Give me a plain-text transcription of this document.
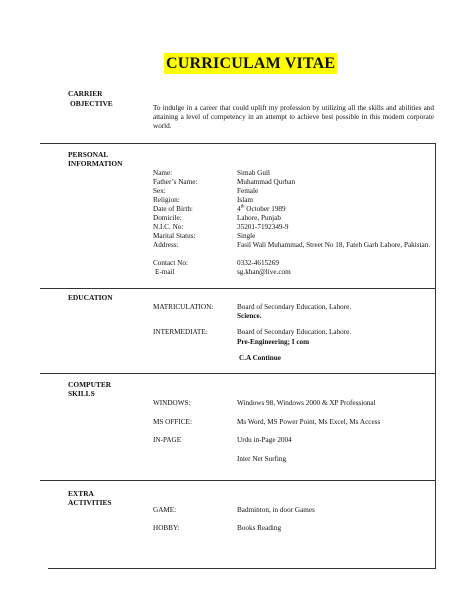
CURRICULAM VITAE
CARRIER
OBJECTIVE	To indulge in a career that could uplift my profession by utilizing all the skills and abilities and attaining a level of competency in an attempt to achieve best possible in this modern corporate world.
PERSONAL
INFORMATION
Name:	Simab Gull
Father’s Name:	Muhammad Qurban
Sex:	Female
Religion:	Islam
Date of Birth:	4th October 1989
Domicile:	Lahore, Punjab
N.I.C. No:	35201-7192349-9
Marital Status:	Single
Address:	Fasil Wali Muhammad, Street No 18, Fateh Garh Lahore, Pakistan.
Contact No:	0332-4615269
E-mail	sg.khan@live.com
EDUCATION
MATRICULATION:	Board of Secondary Education, Lahore.
Science.
INTERMEDIATE:	Board of Secondary Education, Lahore.
Pre-Engineering; I com
C.A Continue
COMPUTER
SKILLS
WINDOWS:	Windows 98, Windows 2000 & XP Professional
MS OFFICE:	Ms Word, MS Power Point, Ms Excel, Ms Access
IN-PAGE	Urdu in-Page 2004
Inter Net Surfing
EXTRA
ACTIVITIES
GAME:	Badminton, in door Games
HOBBY:	Books Reading
